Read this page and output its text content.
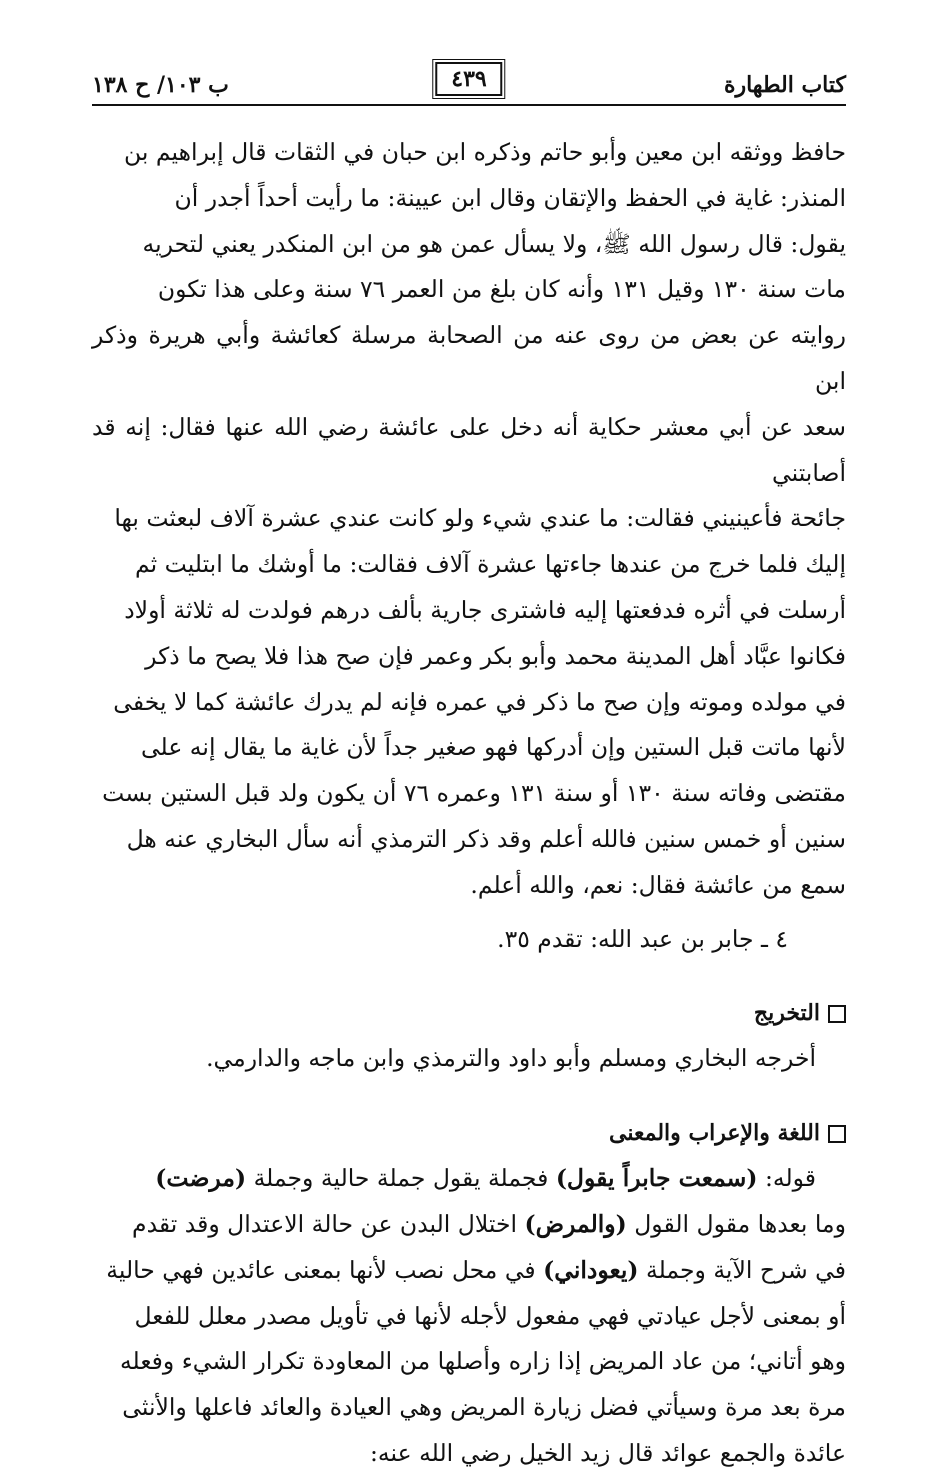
كتاب الطهارة
٤٣٩
ب ١٠٣/ ح ١٣٨

حافظ ووثقه ابن معين وأبو حاتم وذكره ابن حبان في الثقات قال إبراهيم بن

المنذر: غاية في الحفظ والإتقان وقال ابن عيينة: ما رأيت أحداً أجدر أن

يقول: قال رسول الله ﷺ، ولا يسأل عمن هو من ابن المنكدر يعني لتحريه

مات سنة ١٣٠ وقيل ١٣١ وأنه كان بلغ من العمر ٧٦ سنة وعلى هذا تكون

روايته عن بعض من روى عنه من الصحابة مرسلة كعائشة وأبي هريرة وذكر ابن

سعد عن أبي معشر حكاية أنه دخل على عائشة رضي الله عنها فقال: إنه قد أصابتني

جائحة فأعينيني فقالت: ما عندي شيء ولو كانت عندي عشرة آلاف لبعثت بها

إليك فلما خرج من عندها جاءتها عشرة آلاف فقالت: ما أوشك ما ابتليت ثم

أرسلت في أثره فدفعتها إليه فاشترى جارية بألف درهم فولدت له ثلاثة أولاد

فكانوا عبَّاد أهل المدينة محمد وأبو بكر وعمر فإن صح هذا فلا يصح ما ذكر

في مولده وموته وإن صح ما ذكر في عمره فإنه لم يدرك عائشة كما لا يخفى

لأنها ماتت قبل الستين وإن أدركها فهو صغير جداً لأن غاية ما يقال إنه على

مقتضى وفاته سنة ١٣٠ أو سنة ١٣١ وعمره ٧٦ أن يكون ولد قبل الستين بست

سنين أو خمس سنين فالله أعلم وقد ذكر الترمذي أنه سأل البخاري عنه هل

سمع من عائشة فقال: نعم، والله أعلم.

٤ ـ جابر بن عبد الله: تقدم ٣٥.

التخريج

أخرجه البخاري ومسلم وأبو داود والترمذي وابن ماجه والدارمي.

اللغة والإعراب والمعنى

قوله: (سمعت جابراً يقول) فجملة يقول جملة حالية وجملة (مرضت)

وما بعدها مقول القول (والمرض) اختلال البدن عن حالة الاعتدال وقد تقدم

في شرح الآية وجملة (يعوداني) في محل نصب لأنها بمعنى عائدين فهي حالية

أو بمعنى لأجل عيادتي فهي مفعول لأجله لأنها في تأويل مصدر معلل للفعل

وهو أتاني؛ من عاد المريض إذا زاره وأصلها من المعاودة تكرار الشيء وفعله

مرة بعد مرة وسيأتي فضل زيارة المريض وهي العيادة والعائد فاعلها والأنثى

عائدة والجمع عوائد قال زيد الخيل رضي الله عنه:
